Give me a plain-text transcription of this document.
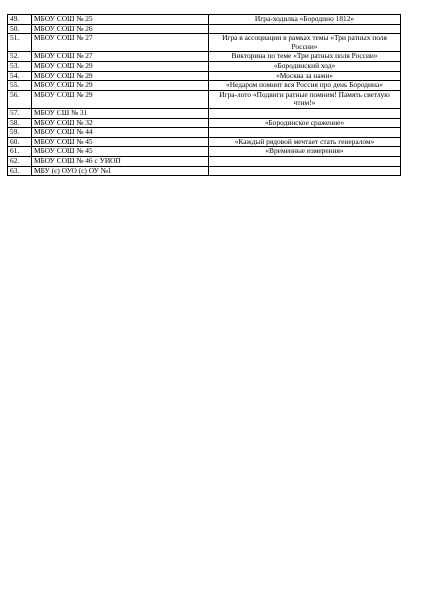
49.	МБОУ СОШ № 25	Игра-ходилка «Бородино 1812»
50.	МБОУ СОШ № 26	
51.	МБОУ СОШ № 27	Игра в ассоциации в рамках темы «Три ратных поля России»
52.	МБОУ СОШ № 27	Викторина по теме «Три ратных поля России»
53.	МБОУ СОШ № 29	«Бородинский ход»
54.	МБОУ СОШ № 29	«Москва за нами»
55.	МБОУ СОШ № 29	«Недаром помнит вся Россия про день Бородина»
56.	МБОУ СОШ № 29	Игра-лото «Подвиги ратные помним! Память светлую чтим!»
57.	МБОУ СШ № 31	
58.	МБОУ СОШ № 32	«Бородинское сражение»
59.	МБОУ СОШ № 44	
60.	МБОУ СОШ № 45	«Каждый рядовой мечтает стать генералом»
61.	МБОУ СОШ № 45	«Временные измерения»
62.	МБОУ СОШ № 46 с УИОП	
63.	МБУ (с) ОУО (с) ОУ №1	
